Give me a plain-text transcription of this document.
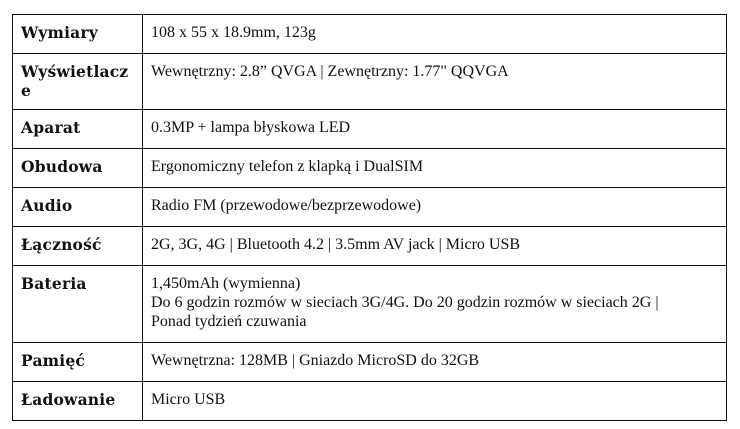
Wymiary	108 x 55 x 18.9mm, 123g

Wyświetlacze	Wewnętrzny: 2.8” QVGA | Zewnętrzny: 1.77" QQVGA

Aparat	0.3MP + lampa błyskowa LED

Obudowa	Ergonomiczny telefon z klapką i DualSIM

Audio	Radio FM (przewodowe/bezprzewodowe)

Łączność	2G, 3G, 4G | Bluetooth 4.2 | 3.5mm AV jack | Micro USB

Bateria	1,450mAh (wymienna)
Do 6 godzin rozmów w sieciach 3G/4G. Do 20 godzin rozmów w sieciach 2G |
Ponad tydzień czuwania

Pamięć	Wewnętrzna: 128MB | Gniazdo MicroSD do 32GB

Ładowanie	Micro USB
